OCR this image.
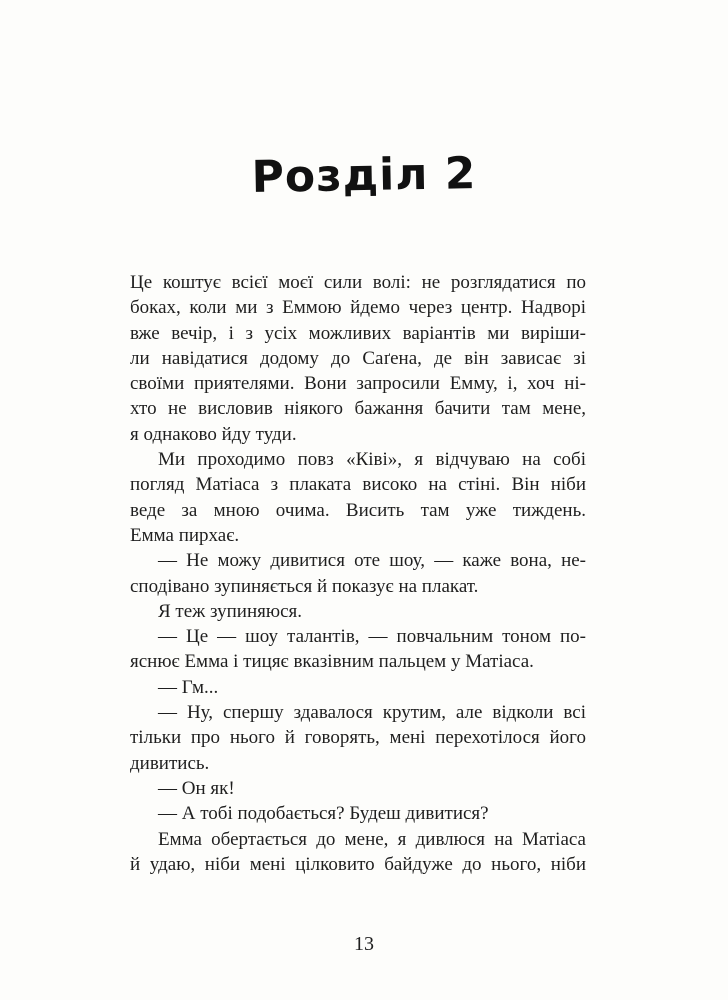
Розділ 2
Це коштує всієї моєї сили волі: не розглядатися по
боках, коли ми з Еммою йдемо через центр. Надворі
вже вечір, і з усіх можливих варіантів ми виріши-
ли навідатися додому до Саґена, де він зависає зі
своїми приятелями. Вони запросили Емму, і, хоч ні-
хто не висловив ніякого бажання бачити там мене,
я однаково йду туди.
Ми проходимо повз «Ківі», я відчуваю на собі
погляд Матіаса з плаката високо на стіні. Він ніби
веде за мною очима. Висить там уже тиждень.
Емма пирхає.
— Не можу дивитися оте шоу, — каже вона, не-
сподівано зупиняється й показує на плакат.
Я теж зупиняюся.
— Це — шоу талантів, — повчальним тоном по-
яснює Емма і тицяє вказівним пальцем у Матіаса.
— Гм...
— Ну, спершу здавалося крутим, але відколи всі
тільки про нього й говорять, мені перехотілося його
дивитись.
— Он як!
— А тобі подобається? Будеш дивитися?
Емма обертається до мене, я дивлюся на Матіаса
й удаю, ніби мені цілковито байдуже до нього, ніби
13
